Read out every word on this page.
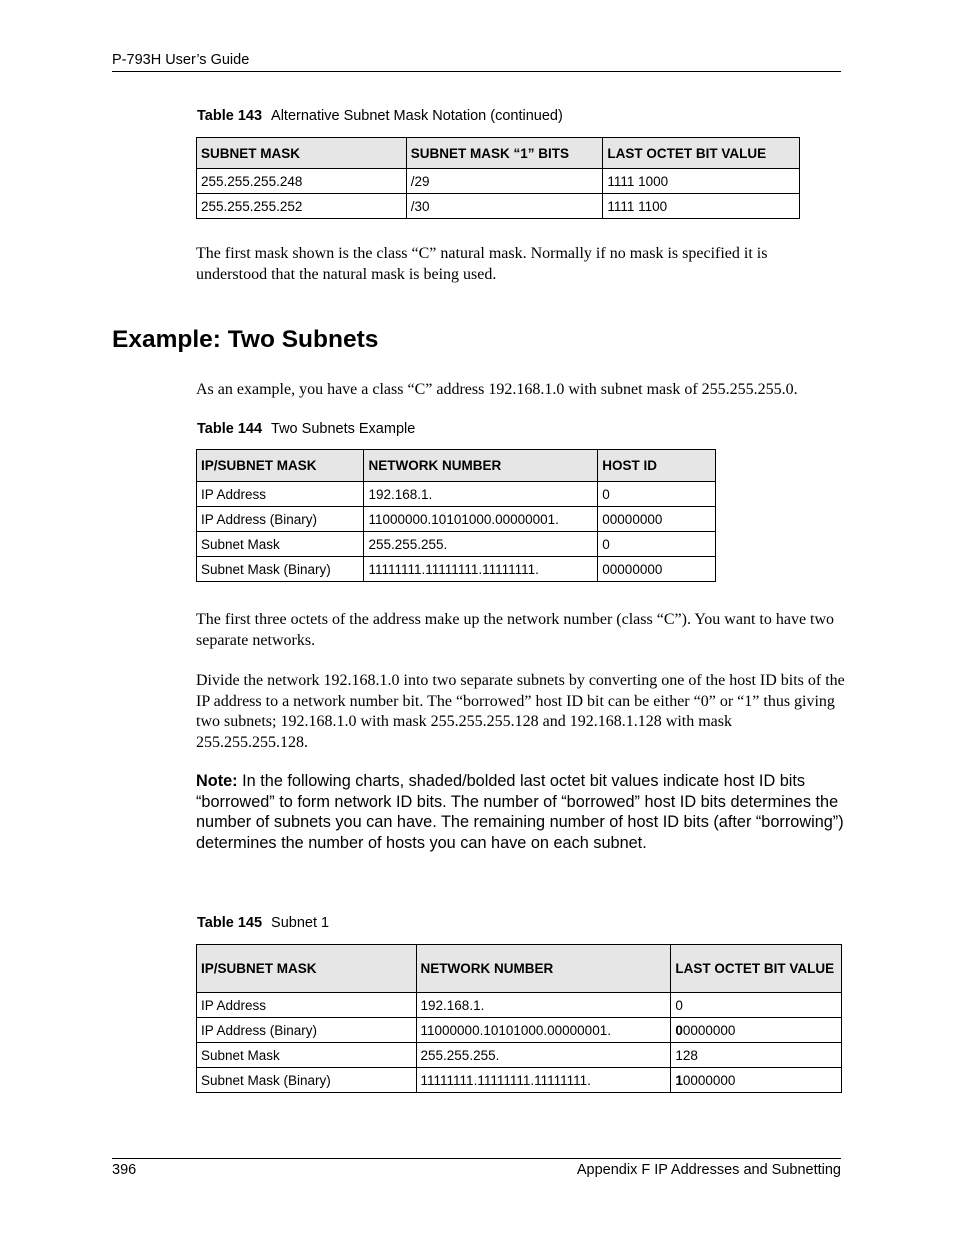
P-793H User’s Guide
Table 143 Alternative Subnet Mask Notation (continued)
SUBNET MASK	SUBNET MASK “1” BITS	LAST OCTET BIT VALUE
255.255.255.248	/29	1111 1000
255.255.255.252	/30	1111 1100
The first mask shown is the class “C” natural mask. Normally if no mask is specified it is understood that the natural mask is being used.
Example: Two Subnets
As an example, you have a class “C” address 192.168.1.0 with subnet mask of 255.255.255.0.
Table 144 Two Subnets Example
IP/SUBNET MASK	NETWORK NUMBER	HOST ID
IP Address	192.168.1.	0
IP Address (Binary)	11000000.10101000.00000001.	00000000
Subnet Mask	255.255.255.	0
Subnet Mask (Binary)	11111111.11111111.11111111.	00000000
The first three octets of the address make up the network number (class “C”). You want to have two separate networks.
Divide the network 192.168.1.0 into two separate subnets by converting one of the host ID bits of the IP address to a network number bit. The “borrowed” host ID bit can be either “0” or “1” thus giving two subnets; 192.168.1.0 with mask 255.255.255.128 and 192.168.1.128 with mask 255.255.255.128.
Note: In the following charts, shaded/bolded last octet bit values indicate host ID bits “borrowed” to form network ID bits. The number of “borrowed” host ID bits determines the number of subnets you can have. The remaining number of host ID bits (after “borrowing”) determines the number of hosts you can have on each subnet.
Table 145 Subnet 1
IP/SUBNET MASK	NETWORK NUMBER	LAST OCTET BIT VALUE
IP Address	192.168.1.	0
IP Address (Binary)	11000000.10101000.00000001.	00000000
Subnet Mask	255.255.255.	128
Subnet Mask (Binary)	11111111.11111111.11111111.	10000000
396	Appendix F IP Addresses and Subnetting
